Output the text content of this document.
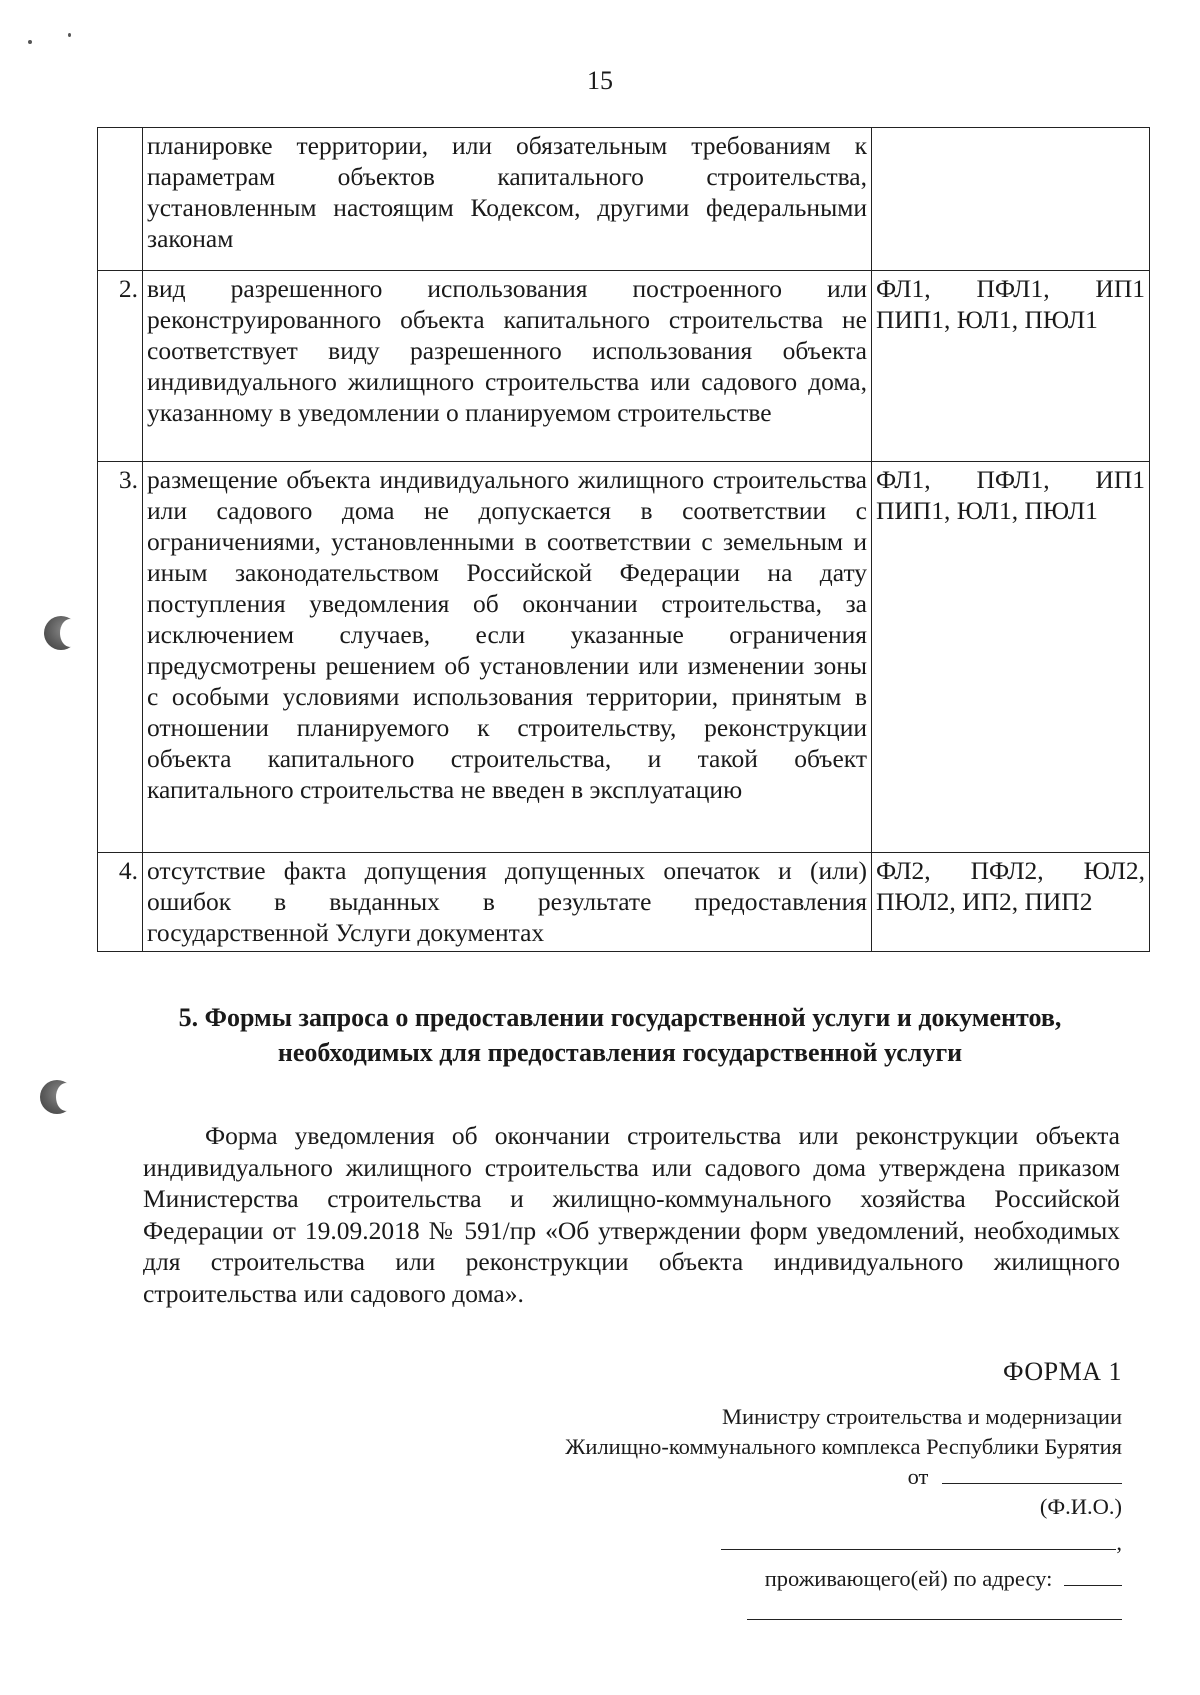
15
	планировке территории, или обязательным требованиям к параметрам объектов капитального строительства, установленным настоящим Кодексом, другими федеральными законам	
2.	вид разрешенного использования построенного или реконструированного объекта капитального строительства не соответствует виду разрешенного использования объекта индивидуального жилищного строительства или садового дома, указанному в уведомлении о планируемом строительстве	ФЛ1, ПФЛ1, ИП1 ПИП1, ЮЛ1, ПЮЛ1
3.	размещение объекта индивидуального жилищного строительства или садового дома не допускается в соответствии с ограничениями, установленными в соответствии с земельным и иным законодательством Российской Федерации на дату поступления уведомления об окончании строительства, за исключением случаев, если указанные ограничения предусмотрены решением об установлении или изменении зоны с особыми условиями использования территории, принятым в отношении планируемого к строительству, реконструкции объекта капитального строительства, и такой объект капитального строительства не введен в эксплуатацию	ФЛ1, ПФЛ1, ИП1 ПИП1, ЮЛ1, ПЮЛ1
4.	отсутствие факта допущения допущенных опечаток и (или) ошибок в выданных в результате предоставления государственной Услуги документах	ФЛ2, ПФЛ2, ЮЛ2, ПЮЛ2, ИП2, ПИП2
5. Формы запроса о предоставлении государственной услуги и документов,
необходимых для предоставления государственной услуги
Форма уведомления об окончании строительства или реконструкции объекта индивидуального жилищного строительства или садового дома утверждена приказом Министерства строительства и жилищно-коммунального хозяйства Российской Федерации от 19.09.2018 № 591/пр «Об утверждении форм уведомлений, необходимых для строительства или реконструкции объекта индивидуального жилищного строительства или садового дома».
ФОРМА 1
Министру строительства и модернизации
Жилищно-коммунального комплекса Республики Бурятия
от
(Ф.И.О.)
,
проживающего(ей) по адресу:
